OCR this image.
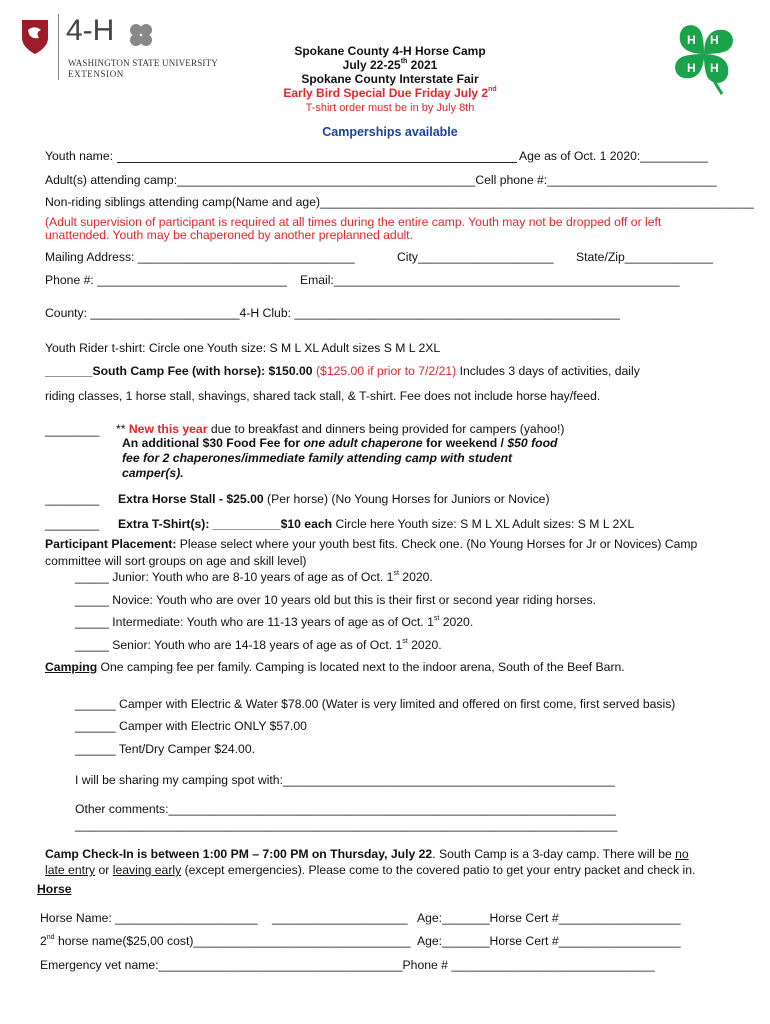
4-H
WASHINGTON STATE UNIVERSITY
EXTENSION
H H
H
H
Spokane County 4-H Horse Camp
July 22-25th 2021
Spokane County Interstate Fair
Early Bird Special Due Friday July 2nd
T-shirt order must be in by July 8th
Camperships available
Youth name:	Age as of Oct. 1 2020:__________
Adult(s) attending camp:____________________________________________Cell phone #:_________________________
Non-riding siblings attending camp(Name and age)________________________________________________________________
(Adult supervision of participant is required at all times during the entire camp. Youth may not be dropped off or left
unattended. Youth may be chaperoned by another preplanned adult.
Mailing Address: ________________________________	City____________________ State/Zip_____________
Phone #: ____________________________ Email:___________________________________________________
County: ______________________4-H Club: ________________________________________________
Youth Rider t-shirt: Circle one Youth size: S M L XL Adult sizes S M L 2XL
_______South Camp Fee (with horse): $150.00 ($125.00 if prior to 7/2/21) Includes 3 days of activities, daily
riding classes, 1 horse stall, shavings, shared tack stall, & T-shirt. Fee does not include horse hay/feed.
________ ** New this year due to breakfast and dinners being provided for campers (yahoo!)
An additional $30 Food Fee for one adult chaperone for weekend / $50 food
fee for 2 chaperones/immediate family attending camp with student
camper(s).
________ Extra Horse Stall - $25.00 (Per horse) (No Young Horses for Juniors or Novice)
________ Extra T-Shirt(s): __________$10 each Circle here Youth size: S M L XL Adult sizes: S M L 2XL
Participant Placement: Please select where your youth best fits. Check one. (No Young Horses for Jr or Novices) Camp
committee will sort groups on age and skill level)
_____ Junior: Youth who are 8-10 years of age as of Oct. 1st 2020.
_____ Novice: Youth who are over 10 years old but this is their first or second year riding horses.
_____ Intermediate: Youth who are 11-13 years of age as of Oct. 1st 2020.
_____ Senior: Youth who are 14-18 years of age as of Oct. 1st 2020.
Camping One camping fee per family. Camping is located next to the indoor arena, South of the Beef Barn.
______ Camper with Electric & Water $78.00 (Water is very limited and offered on first come, first served basis)
______ Camper with Electric ONLY $57.00
______ Tent/Dry Camper $24.00.
I will be sharing my camping spot with:_________________________________________________
Other comments:__________________________________________________________________
________________________________________________________________________________
Camp Check-In is between 1:00 PM – 7:00 PM on Thursday, July 22. South Camp is a 3-day camp. There will be no
late entry or leaving early (except emergencies). Please come to the covered patio to get your entry packet and check in.
Horse
Horse Name: _____________________ ____________________ Age:_______Horse Cert #__________________
2nd horse name($25,00 cost)________________________________ Age:_______Horse Cert #__________________
Emergency vet name:____________________________________Phone # ______________________________
